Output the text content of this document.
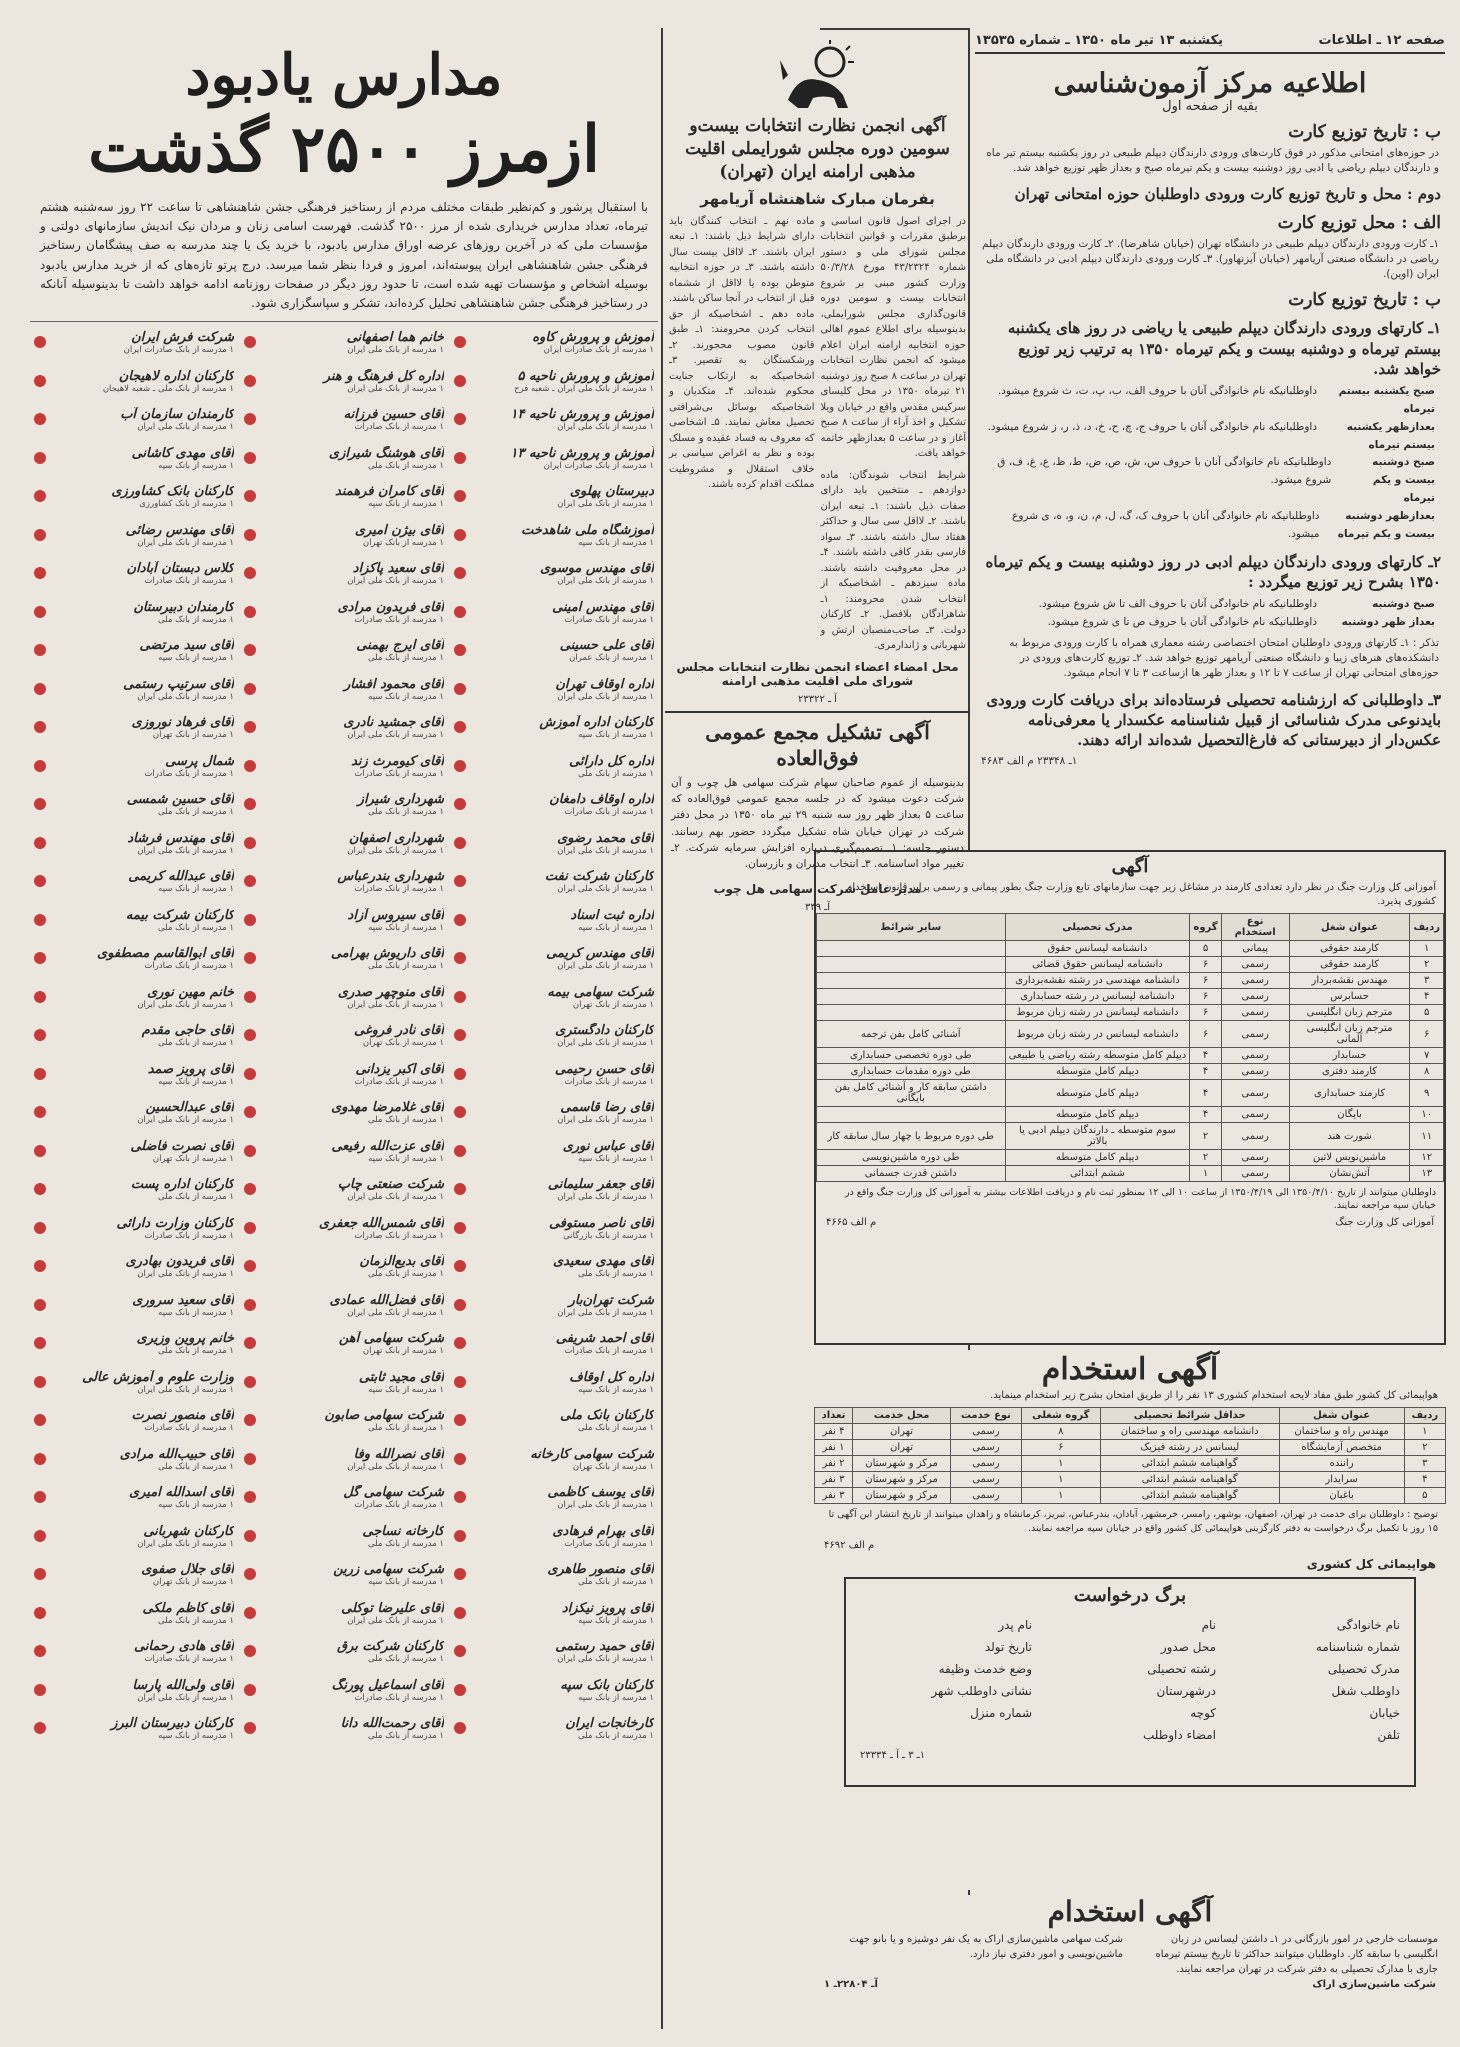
صفحه ۱۲ ـ اطلاعات
یکشنبه ۱۳ تیر ماه ۱۳۵۰ ـ شماره ۱۳۵۳۵
اطلاعیه مرکز آزمون‌شناسی
بقیه از صفحه اول
ب : تاریخ توزیع کارت

در حوزه‌های امتحانی مذکور در فوق کارت‌های ورودی دارندگان دیپلم طبیعی در روز یکشنبه بیستم تیر ماه و دارندگان دیپلم ریاضی یا ادبی روز دوشنبه بیست و یکم تیرماه صبح و بعداز ظهر توزیع خواهد شد.

دوم : محل و تاریخ توزیع کارت ورودی داوطلبان حوزه امتحانی تهران
الف : محل توزیع کارت

۱ـ کارت ورودی دارندگان دیپلم طبیعی در دانشگاه تهران (خیابان شاهرضا). ۲ـ کارت ورودی دارندگان دیپلم ریاضی در دانشگاه صنعتی آریامهر (خیابان آیزنهاور). ۳ـ کارت ورودی دارندگان دیپلم ادبی در دانشگاه ملی ایران (اوین).

ب : تاریخ توزیع کارت
۱ـ کارتهای ورودی دارندگان دیپلم طبیعی یا ریاضی در روز های یکشنبه بیستم تیرماه و دوشنبه بیست و یکم تیرماه ۱۳۵۰ به ترتیب زیر توزیع خواهد شد.
صبح یکشنبه بیستم تیرماه
داوطلبانیکه نام خانوادگی آنان با حروف الف، ب، پ، ت، ث شروع میشود.
بعدازظهر یکشنبه بیستم تیرماه
داوطلبانیکه نام خانوادگی آنان با حروف ج، چ، ح، خ، د، ذ، ر، ز شروع میشود.
صبح دوشنبه بیست و یکم تیرماه
داوطلبانیکه نام خانوادگی آنان با حروف س، ش، ص، ض، ط، ظ، ع، غ، ف، ق شروع میشود.
بعدازظهر دوشنبه بیست و یکم تیرماه
داوطلبانیکه نام خانوادگی آنان با حروف ک، گ، ل، م، ن، و، ه، ی شروع میشود.
۲ـ کارتهای ورودی دارندگان دیپلم ادبی در روز دوشنبه بیست و یکم تیرماه ۱۳۵۰ بشرح زیر توزیع میگردد :
صبح دوشنبه
داوطلبانیکه نام خانوادگی آنان با حروف الف تا ش شروع میشود.
بعداز ظهر دوشنبه
داوطلبانیکه نام خانوادگی آنان با حروف ص تا ی شروع میشود.

تذکر : ۱ـ کارتهای ورودی داوطلبان امتحان اختصاصی رشته معماری همراه با کارت ورودی مربوط به دانشکده‌های هنرهای زیبا و دانشگاه صنعتی آریامهر توزیع خواهد شد. ۲ـ توزیع کارت‌های ورودی در حوزه‌های امتحانی تهران از ساعت ۷ تا ۱۲ و بعداز ظهر ها ازساعت ۳ تا ۷ انجام میشود.

۳ـ داوطلبانی که ارزشنامه تحصیلی فرستاده‌اند برای دریافت کارت ورودی بایدنوعی مدرک شناسائی از قبیل شناسنامه عکسدار یا معرفی‌نامه عکس‌دار از دبیرستانی که فارغ‌التحصیل شده‌اند ارائه دهند.

۱ـ ۲۳۳۴۸ م الف ۴۶۸۳

آگهی

آموزانی کل وزارت جنگ در نظر دارد تعدادی کارمند در مشاغل زیر جهت سازمانهای تابع وزارت جنگ بطور پیمانی و رسمی برابر قانون استخدام کشوری پذیرد.

ردیف	عنوان شغل	نوع استخدام	گروه	مدرک تحصیلی	سایر شرائط
۱	کارمند حقوقی	پیمانی	۵	دانشنامه لیسانس حقوق	
۲	کارمند حقوقی	رسمی	۶	دانشنامه لیسانس حقوق قضائی	
۳	مهندس نقشه‌بردار	رسمی	۶	دانشنامه مهندسی در رشته نقشه‌برداری	
۴	حسابرس	رسمی	۶	دانشنامه لیسانس در رشته حسابداری	
۵	مترجم زبان انگلیسی	رسمی	۶	دانشنامه لیسانس در رشته زبان مربوط	
۶	مترجم زبان انگلیسی آلمانی	رسمی	۶	دانشنامه لیسانس در رشته زبان مربوط	آشنائی کامل بفن ترجمه
۷	حسابدار	رسمی	۴	دیپلم کامل متوسطه رشته ریاضی یا طبیعی	طی دوره تخصصی حسابداری
۸	کارمند دفتری	رسمی	۴	دیپلم کامل متوسطه	طی دوره مقدمات حسابداری
۹	کارمند حسابداری	رسمی	۴	دیپلم کامل متوسطه	داشتن سابقه کار و آشنائی کامل بفن بایگانی
۱۰	بایگان	رسمی	۴	دیپلم کامل متوسطه	
۱۱	شورت هند	رسمی	۲	سوم متوسطه ـ دارندگان دیپلم ادبی یا بالاتر	طی دوره مربوط یا چهار سال سابقه کار
۱۲	ماشین‌نویس لاتین	رسمی	۲	دیپلم کامل متوسطه	طی دوره ماشین‌نویسی
۱۳	آتش‌نشان	رسمی	۱	ششم ابتدائی	داشتن قدرت جسمانی

داوطلبان میتوانند از تاریخ ۱۳۵۰/۴/۱۰ الی ۱۳۵۰/۴/۱۹ از ساعت ۱۰ الی ۱۲ بمنظور ثبت نام و دریافت اطلاعات بیشتر به آموزانی کل وزارت جنگ واقع در خیابان سپه مراجعه نمایند.

آموزانی کل وزارت جنگ
م الف ۴۶۶۵
آگهی استخدام

هواپیمائی کل کشور طبق مفاد لایحه استخدام کشوری ۱۳ نفر را از طریق امتحان بشرح زیر استخدام مینماید.

ردیف	عنوان شغل	حداقل شرائط تحصیلی	گروه شغلی	نوع خدمت	محل خدمت	تعداد
۱	مهندس راه و ساختمان	دانشنامه مهندسی راه و ساختمان	۸	رسمی	تهران	۴ نفر
۲	متخصص آزمایشگاه	لیسانس در رشته فیزیک	۶	رسمی	تهران	۱ نفر
۳	راننده	گواهینامه ششم ابتدائی	۱	رسمی	مرکز و شهرستان	۲ نفر
۴	سرایدار	گواهینامه ششم ابتدائی	۱	رسمی	مرکز و شهرستان	۳ نفر
۵	باغبان	گواهینامه ششم ابتدائی	۱	رسمی	مرکز و شهرستان	۳ نفر

توضیح : داوطلبان برای خدمت در تهران، اصفهان، بوشهر، رامسر، خرمشهر، آبادان، بندرعباس، تبریز، کرمانشاه و زاهدان میتوانند از تاریخ انتشار این آگهی تا ۱۵ روز با تکمیل برگ درخواست به دفتر کارگزینی هواپیمائی کل کشور واقع در خیابان سپه مراجعه نمایند.

م الف ۴۶۹۲

هواپیمائی کل کشوری
برگ درخواست
نام خانوادگی
نام
نام پدر
شماره شناسنامه
محل صدور
تاریخ تولد
مدرک تحصیلی
رشته تحصیلی
وضع خدمت وظیفه
داوطلب شغل
درشهرستان
نشانی داوطلب شهر
خیابان
کوچه
شماره منزل
تلفن
امضاء داوطلب
۱ـ ۳ ـ آ ـ ۲۳۳۳۴
آگهی استخدام

موسسات خارجی در امور بازرگانی در ۱ـ داشتن لیسانس در زبان انگلیسی با سابقه کار. داوطلبان میتوانند حداکثر تا تاریخ بیستم تیرماه جاری با مدارک تحصیلی به دفتر شرکت در تهران مراجعه نمایند.

شرکت سهامی ماشین‌سازی اراک به یک نفر دوشیزه و یا بانو جهت ماشین‌نویسی و امور دفتری نیاز دارد.

شرکت ماشین‌سازی اراک
آـ ۲۲۸۰۴ـ ۱
آگهی انجمن نظارت انتخابات بیست‌و سومین دوره مجلس شورایملی اقلیت مذهبی ارامنه ایران (تهران)
بفرمان مبارک شاهنشاه آریامهر

در اجرای اصول قانون اساسی و برطبق مقررات و قوانین انتخابات مجلس شورای ملی و دستور شماره ۴۳/۲۳۲۴ مورخ ۵۰/۳/۲۸ وزارت کشور مبنی بر شروع انتخابات بیست و سومین دوره قانون‌گذاری مجلس شورایملی، بدینوسیله برای اطلاع عموم اهالی حوزه انتخابیه ارامنه ایران اعلام میشود که انجمن نظارت انتخابات تهران در ساعت ۸ صبح روز دوشنبه ۲۱ تیرماه ۱۳۵۰ در محل کلیسای سرکیس مقدس واقع در خیابان ویلا تشکیل و اخذ آراء از ساعت ۸ صبح آغاز و در ساعت ۵ بعدازظهر خاتمه خواهد یافت.

شرایط انتخاب شوندگان: ماده دوازدهم ـ منتخبین باید دارای صفات ذیل باشند: ۱ـ تبعه ایران باشند. ۲ـ لااقل سی سال و حداکثر هفتاد سال داشته باشند. ۳ـ سواد فارسی بقدر کافی داشته باشند. ۴ـ در محل معروفیت داشته باشند. ماده سیزدهم ـ اشخاصیکه از انتخاب شدن محرومند: ۱ـ شاهزادگان بلافصل. ۲ـ کارکنان دولت. ۳ـ صاحب‌منصبان ارتش و شهربانی و ژاندارمری.

ماده نهم ـ انتخاب کنندگان باید دارای شرایط ذیل باشند: ۱ـ تبعه ایران باشند. ۲ـ لااقل بیست سال داشته باشند. ۳ـ در حوزه انتخابیه متوطن بوده یا لااقل از ششماه قبل از انتخاب در آنجا ساکن باشند. ماده دهم ـ اشخاصیکه از حق انتخاب کردن محرومند: ۱ـ طبق قانون مصوب محجورند. ۲ـ ورشکستگان به تقصیر. ۳ـ اشخاصیکه به ارتکاب جنایت محکوم شده‌اند. ۴ـ متکدیان و اشخاصیکه بوسائل بی‌شرافتی تحصیل معاش نمایند. ۵ـ اشخاصی که معروف به فساد عقیده و مسلک بوده و نظر به اغراض سیاسی بر خلاف استقلال و مشروطیت مملکت اقدام کرده باشند.

محل امضاء اعضاء انجمن نظارت انتخابات مجلس شورای ملی اقلیت مذهبی ارامنه
آ ـ ۲۳۳۲۲
آگهی تشکیل مجمع عمومی فوق‌العاده

بدینوسیله از عموم صاحبان سهام شرکت سهامی هل چوب و آن شرکت دعوت میشود که در جلسه مجمع عمومی فوق‌العاده که ساعت ۵ بعداز ظهر روز سه شنبه ۲۹ تیر ماه ۱۳۵۰ در محل دفتر شرکت در تهران خیابان شاه تشکیل میگردد حضور بهم رسانند. دستور جلسه: ۱ـ تصمیم‌گیری درباره افزایش سرمایه شرکت. ۲ـ تغییر مواد اساسنامه. ۳ـ انتخاب مدیران و بازرسان.

مدیر عامل شرکت سهامی هل چوب
آـ ۳۳۹
مدارس یادبود
ازمرز ۲۵۰۰ گذشت

با استقبال پرشور و کم‌نظیر طبقات مختلف مردم از رستاخیز فرهنگی جشن شاهنشاهی تا ساعت ۲۲ روز سه‌شنبه هشتم تیرماه، تعداد مدارس خریداری شده از مرز ۲۵۰۰ گذشت. فهرست اسامی زنان و مردان نیک اندیش سازمانهای دولتی و مؤسسات ملی که در آخرین روزهای عرضه اوراق مدارس یادبود، با خرید یک یا چند مدرسه به صف پیشگامان رستاخیز فرهنگی جشن شاهنشاهی ایران پیوسته‌اند، امروز و فردا بنظر شما میرسد. درج پرتو تازه‌های که از خرید مدارس یادبود بوسیله اشخاص و مؤسسات تهیه شده است، تا حدود روز دیگر در صفحات روزنامه ادامه خواهد داشت تا بدینوسیله آنانکه در رستاخیز فرهنگی جشن شاهنشاهی تحلیل کرده‌اند، تشکر و سپاسگزاری شود.

آموزش و پرورش کاوه
۱ مدرسه از بانک صادرات ایران
آموزش و پرورش ناحیه ۵
۱ مدرسه از بانک ملی ایران ـ شعبه فرح
آموزش و پرورش ناحیه ۱۴
۱ مدرسه از بانک ملی ایران
آموزش و پرورش ناحیه ۱۳
۱ مدرسه از بانک صادرات ایران
دبیرستان پهلوی
۱ مدرسه از بانک ملی ایران
آموزشگاه ملی شاهدخت
۱ مدرسه از بانک سپه
آقای مهندس موسوی
۱ مدرسه از بانک ملی ایران
آقای مهندس امینی
۱ مدرسه از بانک صادرات
آقای علی حسینی
۱ مدرسه از بانک عمران
اداره اوقاف تهران
۱ مدرسه از بانک ملی ایران
کارکنان اداره آموزش
۱ مدرسه از بانک سپه
اداره کل دارائی
۱ مدرسه از بانک ملی
اداره اوقاف دامغان
۱ مدرسه از بانک صادرات
آقای محمد رضوی
۱ مدرسه از بانک ملی ایران
کارکنان شرکت نفت
۱ مدرسه از بانک ملی ایران
اداره ثبت اسناد
۱ مدرسه از بانک سپه
آقای مهندس کریمی
۱ مدرسه از بانک ملی ایران
شرکت سهامی بیمه
۱ مدرسه از بانک تهران
کارکنان دادگستری
۱ مدرسه از بانک ملی ایران
آقای حسن رحیمی
۱ مدرسه از بانک صادرات
آقای رضا قاسمی
۱ مدرسه از بانک ملی ایران
آقای عباس نوری
۱ مدرسه از بانک سپه
آقای جعفر سلیمانی
۱ مدرسه از بانک ملی ایران
آقای ناصر مستوفی
۱ مدرسه از بانک بازرگانی
آقای مهدی سعیدی
۱ مدرسه از بانک ملی
شرکت تهران‌بار
۱ مدرسه از بانک ملی ایران
آقای احمد شریفی
۱ مدرسه از بانک صادرات
اداره کل اوقاف
۱ مدرسه از بانک سپه
کارکنان بانک ملی
۱ مدرسه از بانک ملی
شرکت سهامی کارخانه
۱ مدرسه از بانک تهران
آقای یوسف کاظمی
۱ مدرسه از بانک ملی ایران
آقای بهرام فرهادی
۱ مدرسه از بانک صادرات
آقای منصور طاهری
۱ مدرسه از بانک ملی
آقای پرویز نیکزاد
۱ مدرسه از بانک سپه
آقای حمید رستمی
۱ مدرسه از بانک ملی ایران
کارکنان بانک سپه
۱ مدرسه از بانک سپه
کارخانجات ایران
۱ مدرسه از بانک ملی
خانم هما اصفهانی
۱ مدرسه از بانک ملی ایران
اداره کل فرهنگ و هنر
۱ مدرسه از بانک ملی ایران
آقای حسین فرزانه
۱ مدرسه از بانک صادرات
آقای هوشنگ شیرازی
۱ مدرسه از بانک ملی
آقای کامران فرهمند
۱ مدرسه از بانک سپه
آقای بیژن امیری
۱ مدرسه از بانک تهران
آقای سعید پاکزاد
۱ مدرسه از بانک ملی ایران
آقای فریدون مرادی
۱ مدرسه از بانک صادرات
آقای ایرج بهمنی
۱ مدرسه از بانک ملی
آقای محمود افشار
۱ مدرسه از بانک سپه
آقای جمشید نادری
۱ مدرسه از بانک ملی ایران
آقای کیومرث زند
۱ مدرسه از بانک صادرات
شهرداری شیراز
۱ مدرسه از بانک ملی
شهرداری اصفهان
۱ مدرسه از بانک ملی ایران
شهرداری بندرعباس
۱ مدرسه از بانک صادرات
آقای سیروس آزاد
۱ مدرسه از بانک سپه
آقای داریوش بهرامی
۱ مدرسه از بانک ملی
آقای منوچهر صدری
۱ مدرسه از بانک ملی ایران
آقای نادر فروغی
۱ مدرسه از بانک تهران
آقای اکبر یزدانی
۱ مدرسه از بانک صادرات
آقای غلامرضا مهدوی
۱ مدرسه از بانک ملی
آقای عزت‌الله رفیعی
۱ مدرسه از بانک سپه
شرکت صنعتی چاپ
۱ مدرسه از بانک ملی ایران
آقای شمس‌الله جعفری
۱ مدرسه از بانک صادرات
آقای بدیع‌الزمان
۱ مدرسه از بانک ملی
آقای فضل‌الله عمادی
۱ مدرسه از بانک ملی ایران
شرکت سهامی آهن
۱ مدرسه از بانک تهران
آقای مجید ثابتی
۱ مدرسه از بانک سپه
شرکت سهامی صابون
۱ مدرسه از بانک ملی
آقای نصرالله وفا
۱ مدرسه از بانک ملی ایران
شرکت سهامی گل
۱ مدرسه از بانک صادرات
کارخانه نساجی
۱ مدرسه از بانک ملی
شرکت سهامی زرین
۱ مدرسه از بانک سپه
آقای علیرضا توکلی
۱ مدرسه از بانک ملی ایران
کارکنان شرکت برق
۱ مدرسه از بانک ملی
آقای اسماعیل پورنگ
۱ مدرسه از بانک صادرات
آقای رحمت‌الله دانا
۱ مدرسه از بانک ملی
شرکت فرش ایران
۱ مدرسه از بانک صادرات ایران
کارکنان اداره لاهیجان
۱ مدرسه از بانک ملی ـ شعبه لاهیجان
کارمندان سازمان آب
۱ مدرسه از بانک ملی ایران
آقای مهدی کاشانی
۱ مدرسه از بانک سپه
کارکنان بانک کشاورزی
۱ مدرسه از بانک کشاورزی
آقای مهندس رضائی
۱ مدرسه از بانک ملی ایران
کلاس دبستان آبادان
۱ مدرسه از بانک صادرات
کارمندان دبیرستان
۱ مدرسه از بانک ملی
آقای سید مرتضی
۱ مدرسه از بانک سپه
آقای سرتیپ رستمی
۱ مدرسه از بانک ملی ایران
آقای فرهاد نوروزی
۱ مدرسه از بانک تهران
شمال پرسی
۱ مدرسه از بانک صادرات
آقای حسین شمسی
۱ مدرسه از بانک ملی
آقای مهندس فرشاد
۱ مدرسه از بانک ملی ایران
آقای عبدالله کریمی
۱ مدرسه از بانک سپه
کارکنان شرکت بیمه
۱ مدرسه از بانک ملی
آقای ابوالقاسم مصطفوی
۱ مدرسه از بانک صادرات
خانم مهین نوری
۱ مدرسه از بانک ملی ایران
آقای حاجی مقدم
۱ مدرسه از بانک ملی
آقای پرویز صمد
۱ مدرسه از بانک سپه
آقای عبدالحسین
۱ مدرسه از بانک ملی ایران
آقای نصرت فاضلی
۱ مدرسه از بانک تهران
کارکنان اداره پست
۱ مدرسه از بانک ملی
کارکنان وزارت دارائی
۱ مدرسه از بانک صادرات
آقای فریدون بهادری
۱ مدرسه از بانک ملی ایران
آقای سعید سروری
۱ مدرسه از بانک سپه
خانم پروین وزیری
۱ مدرسه از بانک ملی
وزارت علوم و آموزش عالی
۱ مدرسه از بانک ملی ایران
آقای منصور نصرت
۱ مدرسه از بانک صادرات
آقای حبیب‌الله مرادی
۱ مدرسه از بانک ملی
آقای اسدالله امیری
۱ مدرسه از بانک سپه
کارکنان شهربانی
۱ مدرسه از بانک ملی ایران
آقای جلال صفوی
۱ مدرسه از بانک تهران
آقای کاظم ملکی
۱ مدرسه از بانک ملی
آقای هادی رحمانی
۱ مدرسه از بانک صادرات
آقای ولی‌الله پارسا
۱ مدرسه از بانک ملی ایران
کارکنان دبیرستان البرز
۱ مدرسه از بانک سپه
